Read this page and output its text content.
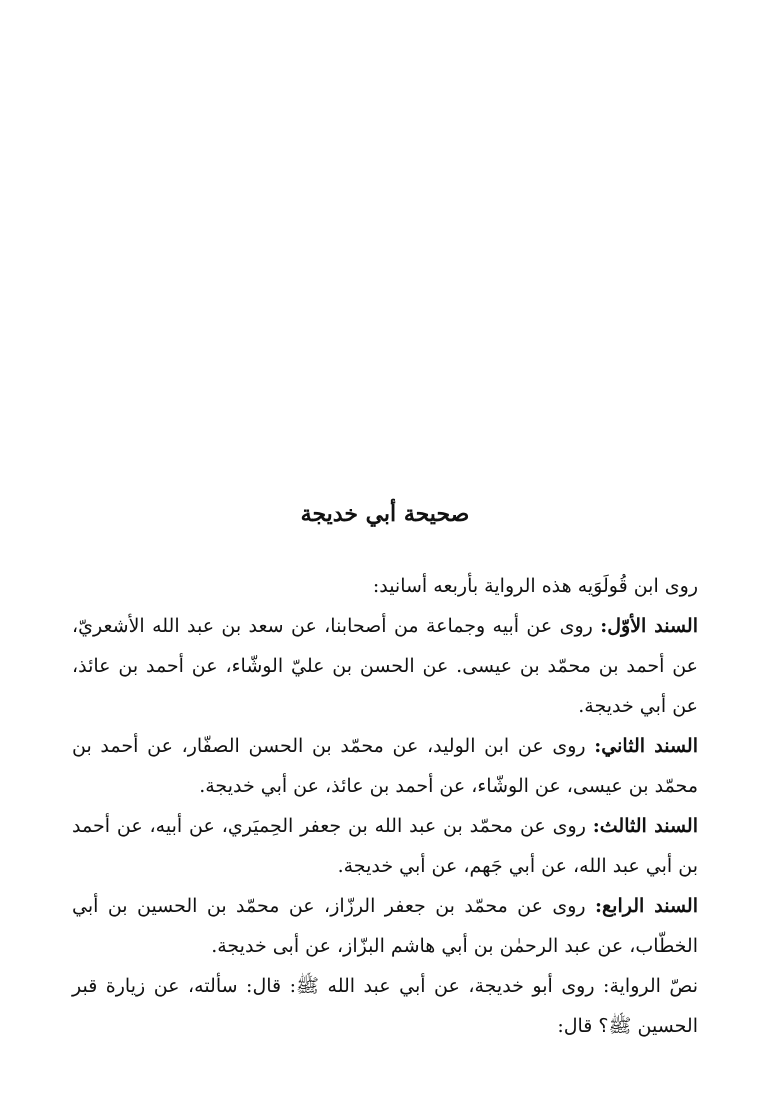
صحيحة أبي خديجة

روى ابن قُولَوَيه هذه الرواية بأربعه أسانيد:

السند الأوّل: روى عن أبيه وجماعة من أصحابنا، عن سعد بن عبد الله الأشعريّ، عن أحمد بن محمّد بن عيسى. عن الحسن بن عليّ الوشّاء، عن أحمد بن عائذ، عن أبي خديجة.

السند الثاني: روى عن ابن الوليد، عن محمّد بن الحسن الصفّار، عن أحمد بن محمّد بن عيسى، عن الوشّاء، عن أحمد بن عائذ، عن أبي خديجة.

السند الثالث: روى عن محمّد بن عبد الله بن جعفر الحِميَري، عن أبيه، عن أحمد بن أبي عبد الله، عن أبي جَهم، عن أبي خديجة.

السند الرابع: روى عن محمّد بن جعفر الرزّاز، عن محمّد بن الحسين بن أبي الخطّاب، عن عبد الرحمٰن بن أبي هاشم البزّاز، عن أبى خديجة.

نصّ الرواية: روى أبو خديجة، عن أبي عبد الله ﷺ: قال: سألته، عن زيارة قبر الحسين ﷺ؟ قال:
